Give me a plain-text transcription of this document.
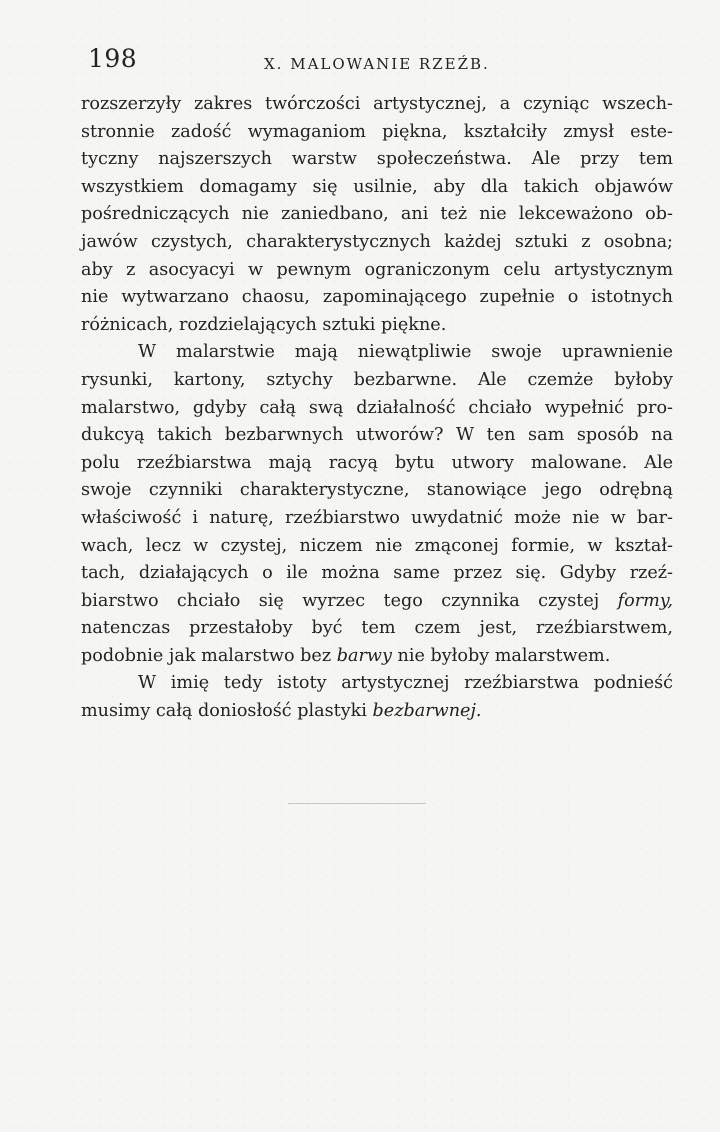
198	X. MALOWANIE RZEŹB.
rozszerzyły zakres twórczości artystycznej, a czyniąc wszech-
stronnie zadość wymaganiom piękna, kształciły zmysł este-
tyczny najszerszych warstw społeczeństwa. Ale przy tem
wszystkiem domagamy się usilnie, aby dla takich objawów
pośredniczących nie zaniedbano, ani też nie lekceważono ob-
jawów czystych, charakterystycznych każdej sztuki z osobna;
aby z asocyacyi w pewnym ograniczonym celu artystycznym
nie wytwarzano chaosu, zapominającego zupełnie o istotnych
różnicach, rozdzielających sztuki piękne.
W malarstwie mają niewątpliwie swoje uprawnienie
rysunki, kartony, sztychy bezbarwne. Ale czemże byłoby
malarstwo, gdyby całą swą działalność chciało wypełnić pro-
dukcyą takich bezbarwnych utworów? W ten sam sposób na
polu rzeźbiarstwa mają racyą bytu utwory malowane. Ale
swoje czynniki charakterystyczne, stanowiące jego odrębną
właściwość i naturę, rzeźbiarstwo uwydatnić może nie w bar-
wach, lecz w czystej, niczem nie zmąconej formie, w kształ-
tach, działających o ile można same przez się. Gdyby rzeź-
biarstwo chciało się wyrzec tego czynnika czystej formy,
natenczas przestałoby być tem czem jest, rzeźbiarstwem,
podobnie jak malarstwo bez barwy nie byłoby malarstwem.
W imię tedy istoty artystycznej rzeźbiarstwa podnieść
musimy całą doniosłość plastyki bezbarwnej.
